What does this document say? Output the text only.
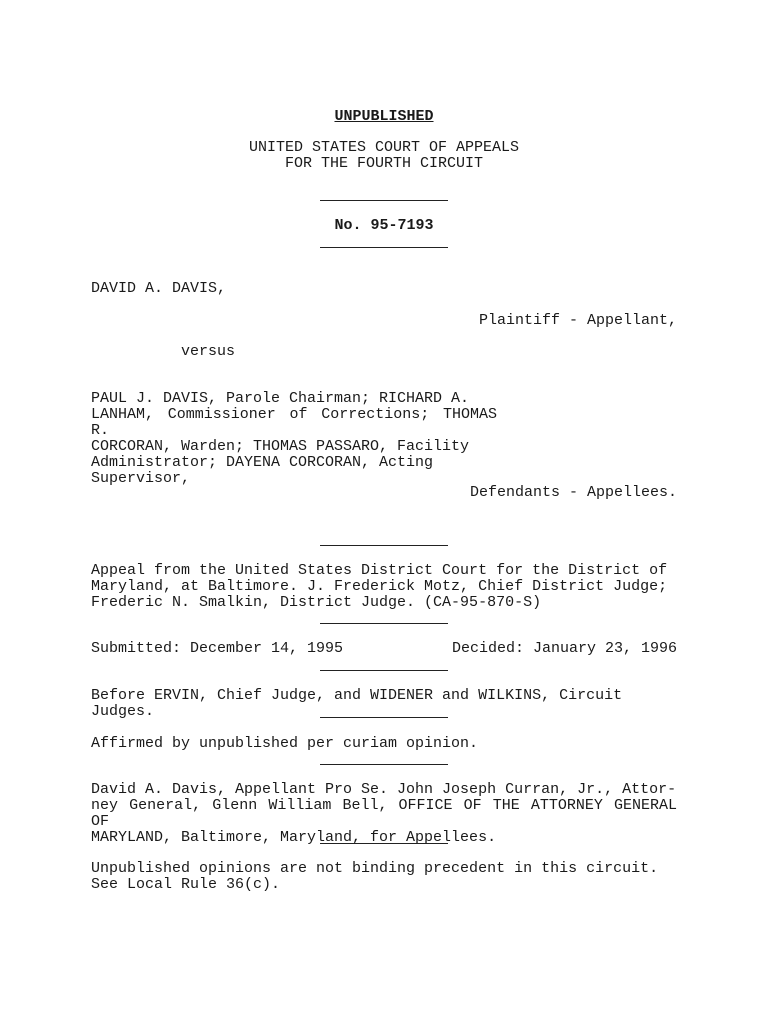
UNPUBLISHED
UNITED STATES COURT OF APPEALS
FOR THE FOURTH CIRCUIT
No. 95-7193
DAVID A. DAVIS,
Plaintiff - Appellant,
versus
PAUL J. DAVIS, Parole Chairman; RICHARD A.
LANHAM, Commissioner of Corrections; THOMAS R.
CORCORAN, Warden; THOMAS PASSARO, Facility
Administrator; DAYENA CORCORAN, Acting
Supervisor,
Defendants - Appellees.
Appeal from the United States District Court for the District of
Maryland, at Baltimore. J. Frederick Motz, Chief District Judge;
Frederic N. Smalkin, District Judge. (CA-95-870-S)
Submitted: December 14, 1995	Decided: January 23, 1996
Before ERVIN, Chief Judge, and WIDENER and WILKINS, Circuit Judges.
Affirmed by unpublished per curiam opinion.
David A. Davis, Appellant Pro Se. John Joseph Curran, Jr., Attor-
ney General, Glenn William Bell, OFFICE OF THE ATTORNEY GENERAL OF
MARYLAND, Baltimore, Maryland, for Appellees.
Unpublished opinions are not binding precedent in this circuit.
See Local Rule 36(c).
